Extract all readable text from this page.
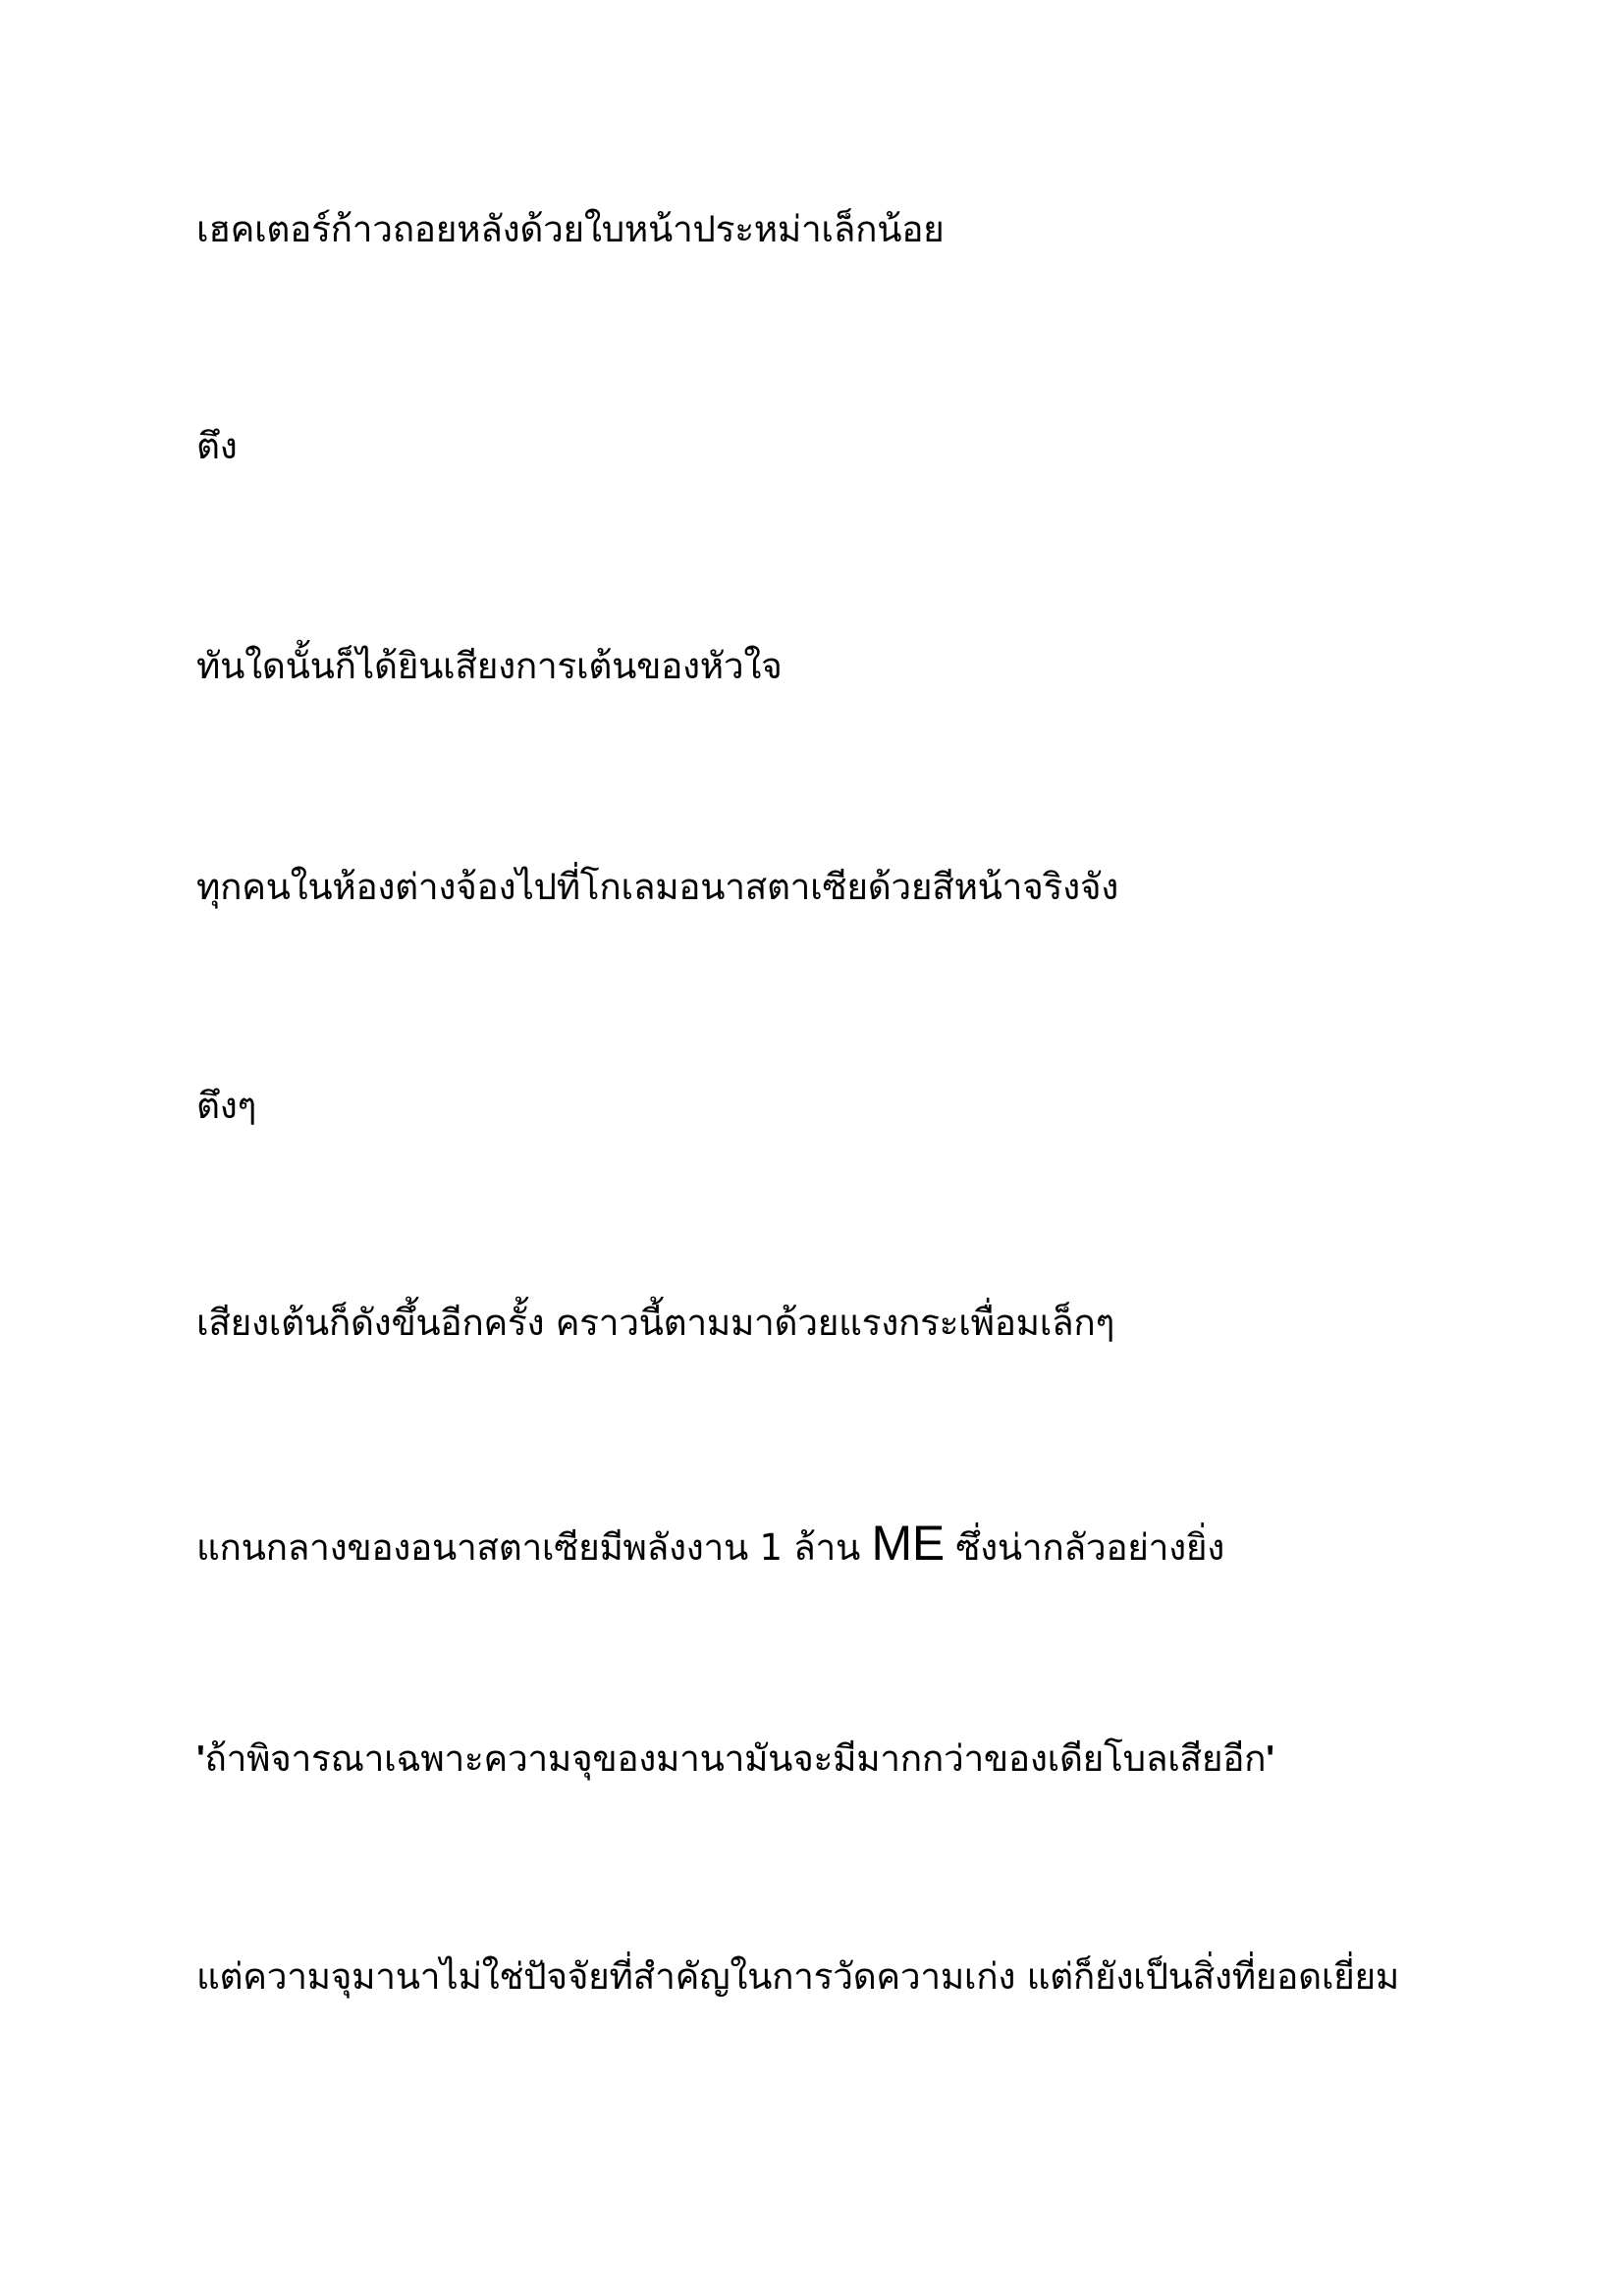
เฮคเตอร์ก้าวถอยหลังด้วยใบหน้าประหม่าเล็กน้อย

ตึง

ทันใดนั้นก็ได้ยินเสียงการเต้นของหัวใจ

ทุกคนในห้องต่างจ้องไปที่โกเลมอนาสตาเซียด้วยสีหน้าจริงจัง

ตึงๆ

เสียงเต้นก็ดังขึ้นอีกครั้ง คราวนี้ตามมาด้วยแรงกระเพื่อมเล็กๆ

แกนกลางของอนาสตาเซียมีพลังงาน 1 ล้าน ME ซึ่งน่ากลัวอย่างยิ่ง

'ถ้าพิจารณาเฉพาะความจุของมานามันจะมีมากกว่าของเดียโบลเสียอีก'

แต่ความจุมานาไม่ใช่ปัจจัยที่สำคัญในการวัดความเก่ง แต่ก็ยังเป็นสิ่งที่ยอดเยี่ยม
